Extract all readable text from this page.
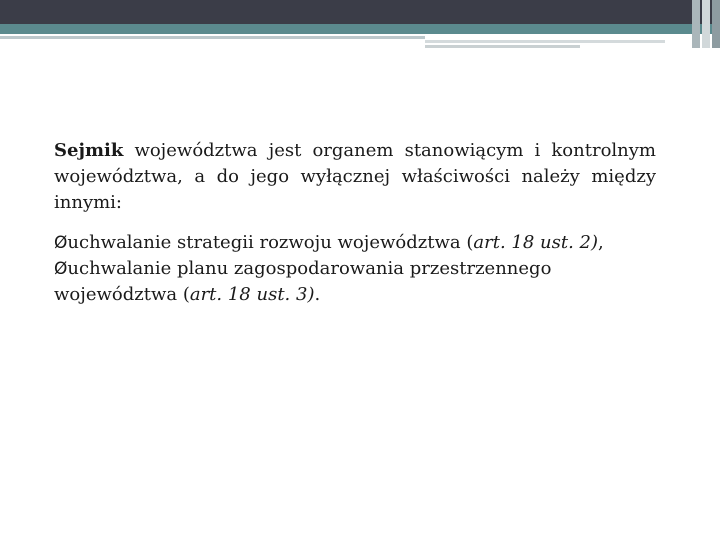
Sejmik województwa jest organem stanowiącym i kontrolnym województwa, a do jego wyłącznej właściwości należy między innymi:

Øuchwalanie strategii rozwoju województwa (art. 18 ust. 2),
Øuchwalanie planu zagospodarowania przestrzennego województwa (art. 18 ust. 3).
